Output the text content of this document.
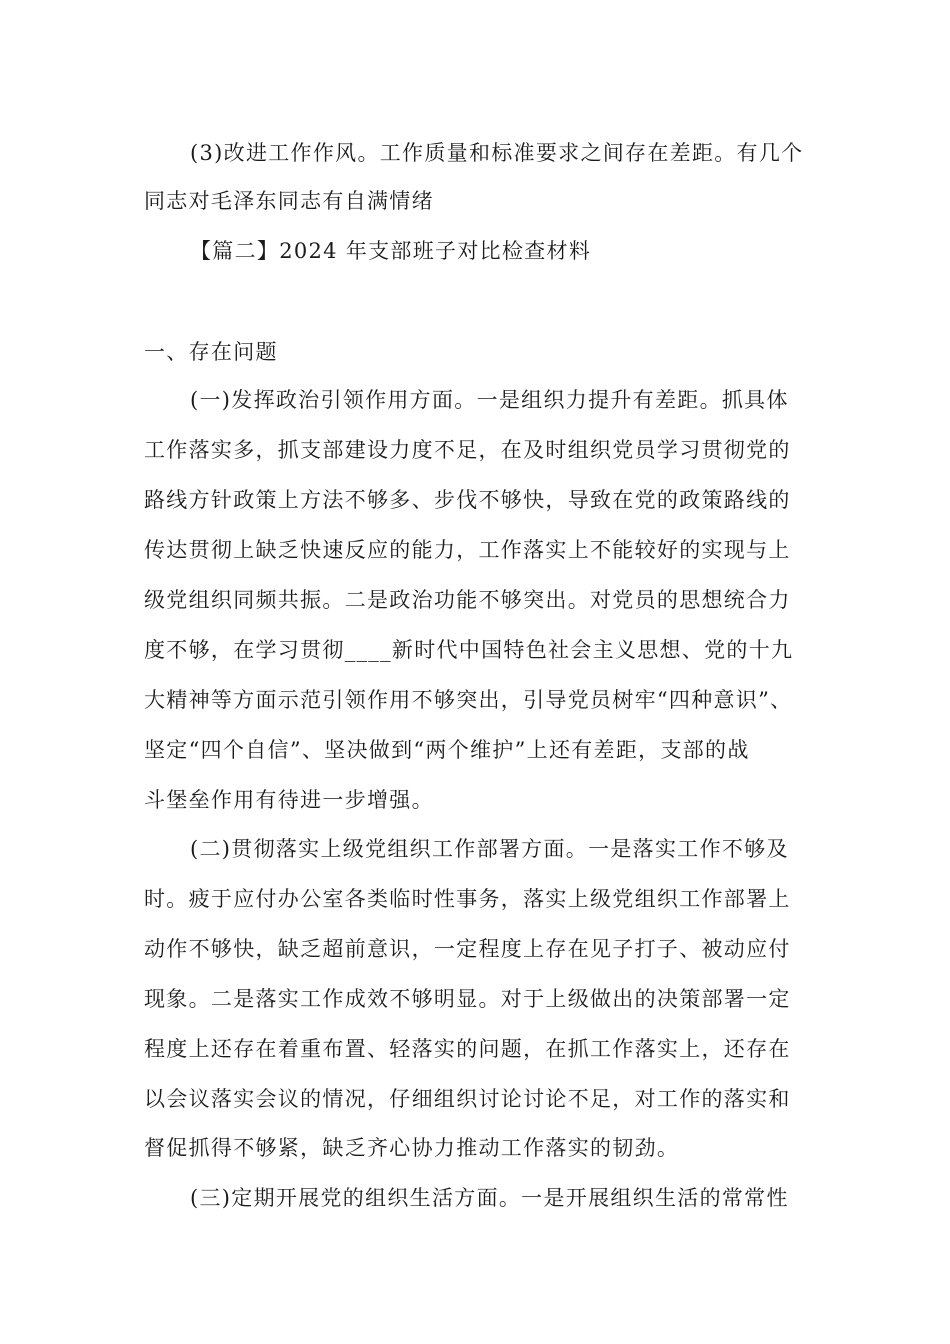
(3)改进工作作风。工作质量和标准要求之间存在差距。有几个
同志对毛泽东同志有自满情绪
【篇二】2024 年支部班子对比检查材料
一、存在问题
(一)发挥政治引领作用方面。一是组织力提升有差距。抓具体
工作落实多，抓支部建设力度不足，在及时组织党员学习贯彻党的
路线方针政策上方法不够多、步伐不够快，导致在党的政策路线的
传达贯彻上缺乏快速反应的能力，工作落实上不能较好的实现与上
级党组织同频共振。二是政治功能不够突出。对党员的思想统合力
度不够，在学习贯彻____新时代中国特色社会主义思想、党的十九
大精神等方面示范引领作用不够突出，引导党员树牢“四种意识”、
坚定“四个自信”、坚决做到“两个维护”上还有差距，支部的战
斗堡垒作用有待进一步增强。
(二)贯彻落实上级党组织工作部署方面。一是落实工作不够及
时。疲于应付办公室各类临时性事务，落实上级党组织工作部署上
动作不够快，缺乏超前意识，一定程度上存在见子打子、被动应付
现象。二是落实工作成效不够明显。对于上级做出的决策部署一定
程度上还存在着重布置、轻落实的问题，在抓工作落实上，还存在
以会议落实会议的情况，仔细组织讨论讨论不足，对工作的落实和
督促抓得不够紧，缺乏齐心协力推动工作落实的韧劲。
(三)定期开展党的组织生活方面。一是开展组织生活的常常性
